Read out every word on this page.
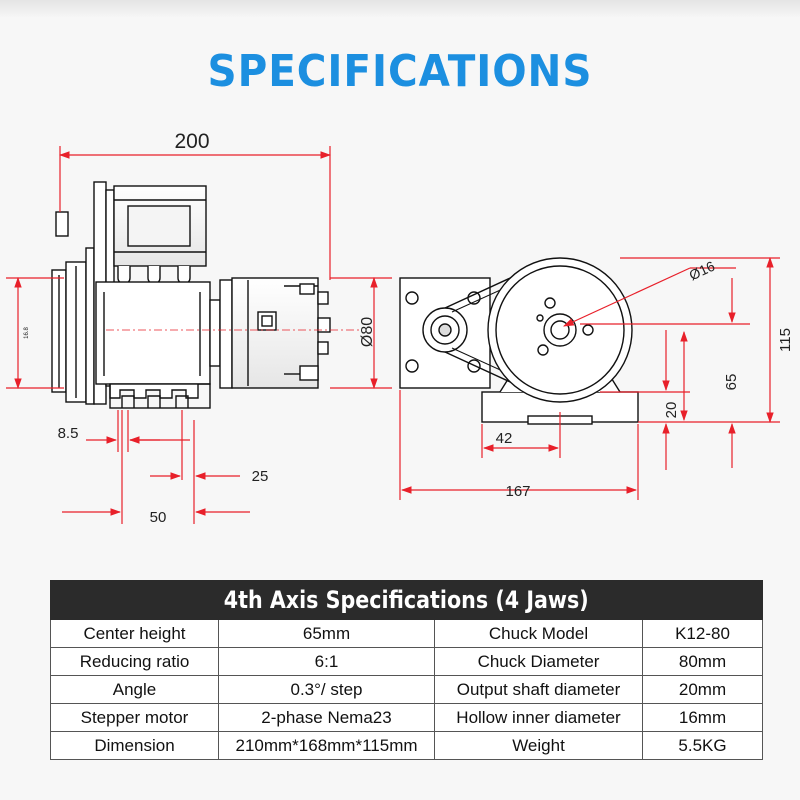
SPECIFICATIONS
200
Ø80
16.8
8.5
25
50
Ø16
115
65
20
42
167
4th Axis Specifications (4 Jaws)			
Center height	65mm	Chuck Model	K12-80
Reducing ratio	6:1	Chuck Diameter	80mm
Angle	0.3°/ step	Output shaft diameter	20mm
Stepper motor	2-phase Nema23	Hollow inner diameter	16mm
Dimension	210mm*168mm*115mm	Weight	5.5KG
